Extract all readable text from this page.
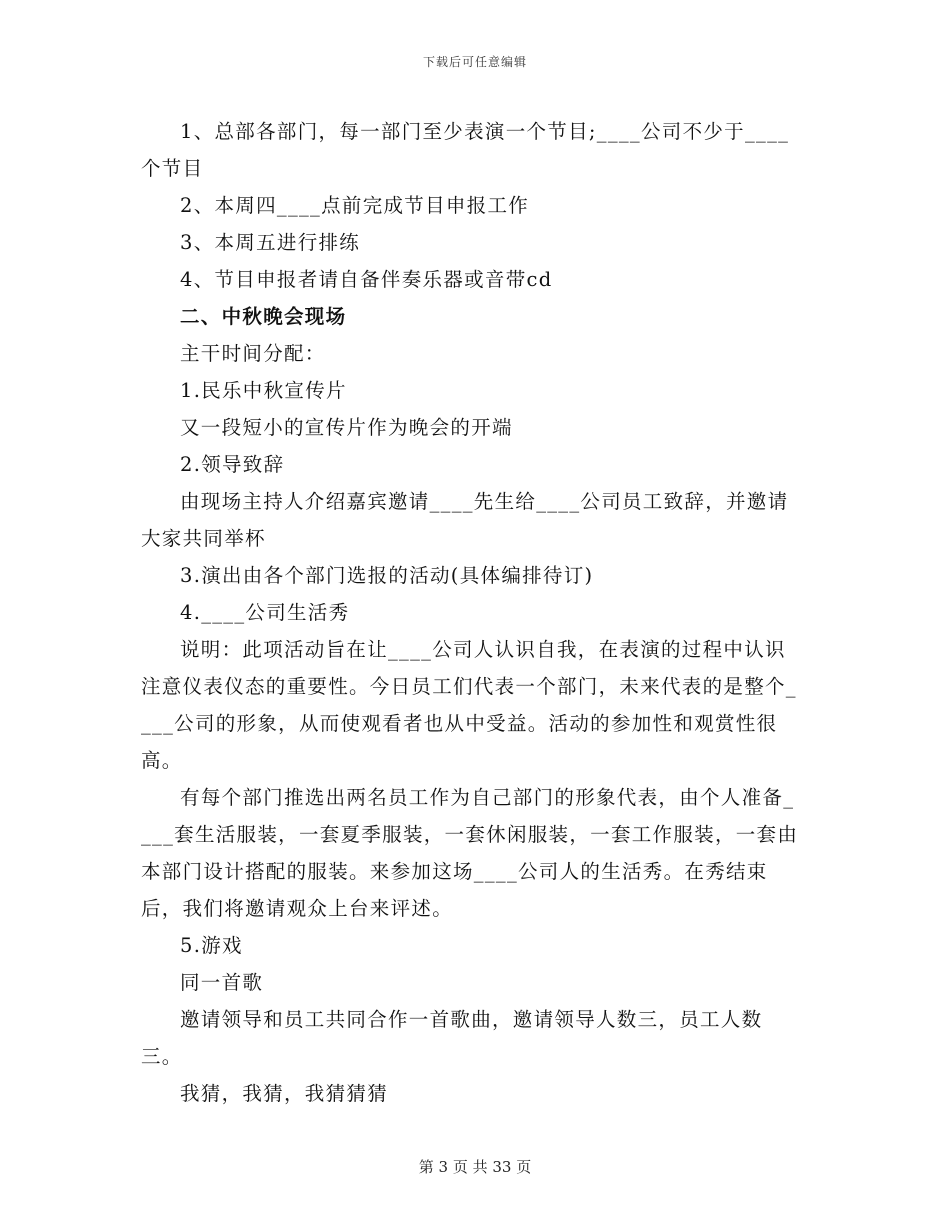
下载后可任意编辑

1、总部各部门，每一部门至少表演一个节目;____公司不少于____个节目

2、本周四____点前完成节目申报工作

3、本周五进行排练

4、节目申报者请自备伴奏乐器或音带cd

二、中秋晚会现场

主干时间分配：

1.民乐中秋宣传片

又一段短小的宣传片作为晚会的开端

2.领导致辞

由现场主持人介绍嘉宾邀请____先生给____公司员工致辞，并邀请大家共同举杯

3.演出由各个部门选报的活动(具体编排待订)

4.____公司生活秀

说明：此项活动旨在让____公司人认识自我，在表演的过程中认识注意仪表仪态的重要性。今日员工们代表一个部门，未来代表的是整个____公司的形象，从而使观看者也从中受益。活动的参加性和观赏性很高。

有每个部门推选出两名员工作为自己部门的形象代表，由个人准备____套生活服装，一套夏季服装，一套休闲服装，一套工作服装，一套由本部门设计搭配的服装。来参加这场____公司人的生活秀。在秀结束后，我们将邀请观众上台来评述。

5.游戏

同一首歌

邀请领导和员工共同合作一首歌曲，邀请领导人数三，员工人数三。

我猜，我猜，我猜猜猜

第 3 页 共 33 页
